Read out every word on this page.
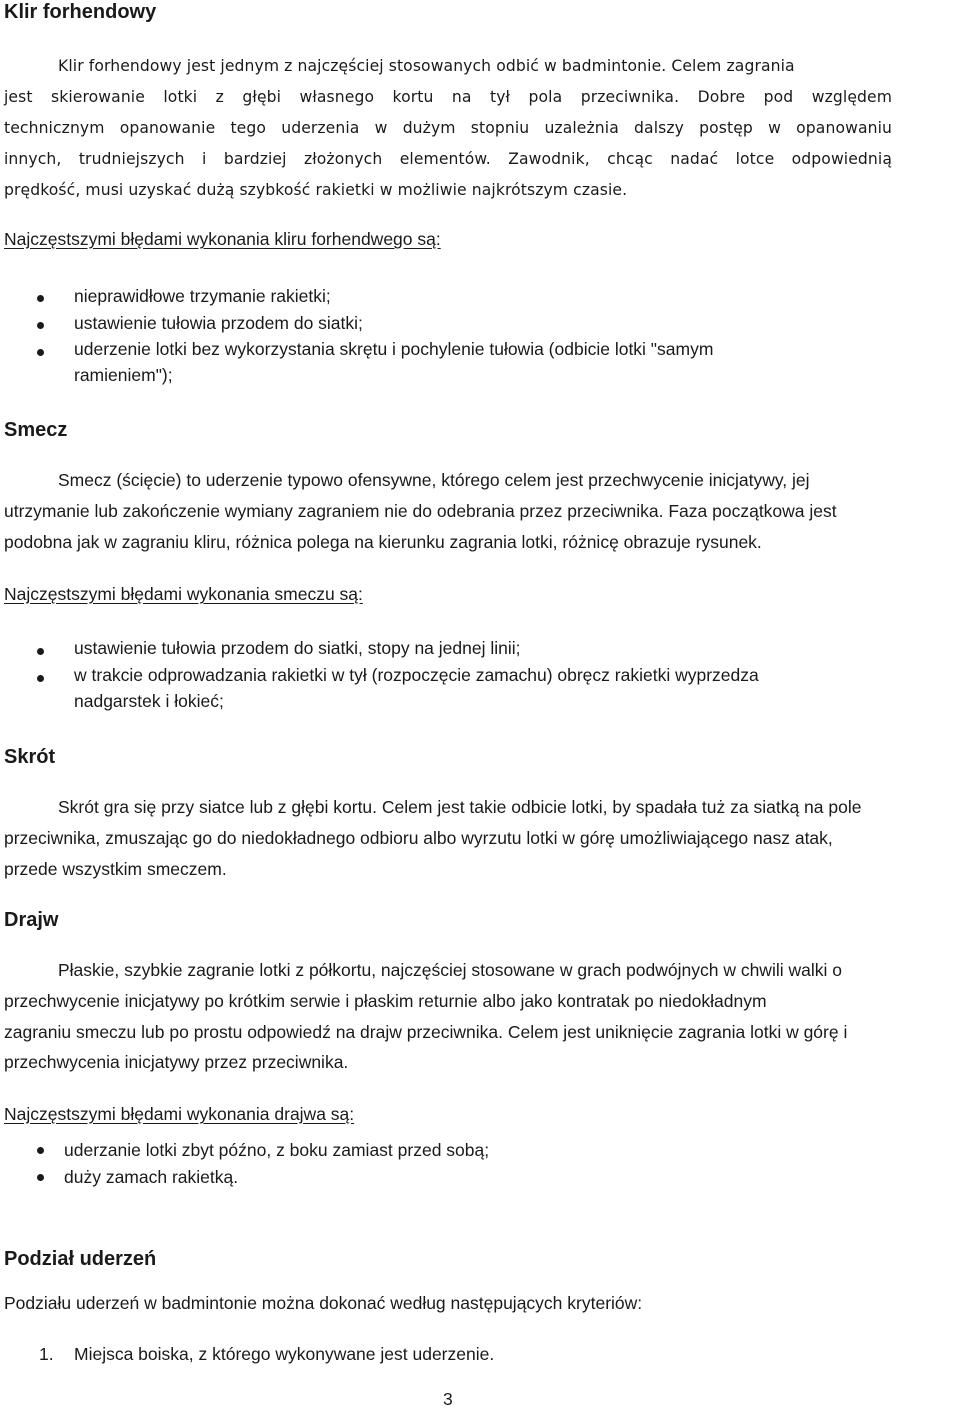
Klir forhendowy

Klir forhendowy jest jednym z najczęściej stosowanych odbić w badmintonie. Celem zagrania

jest skierowanie lotki z głębi własnego kortu na tył pola przeciwnika. Dobre pod względem

technicznym opanowanie tego uderzenia w dużym stopniu uzależnia dalszy postęp w opanowaniu

innych, trudniejszych i bardziej złożonych elementów. Zawodnik, chcąc nadać lotce odpowiednią

prędkość, musi uzyskać dużą szybkość rakietki w możliwie najkrótszym czasie.

Najczęstszymi błędami wykonania kliru forhendwego są:

nieprawidłowe trzymanie rakietki;

ustawienie tułowia przodem do siatki;

uderzenie lotki bez wykorzystania skrętu i pochylenie tułowia (odbicie lotki "samym

ramieniem");

Smecz

Smecz (ścięcie) to uderzenie typowo ofensywne, którego celem jest przechwycenie inicjatywy, jej

utrzymanie lub zakończenie wymiany zagraniem nie do odebrania przez przeciwnika. Faza początkowa jest

podobna jak w zagraniu kliru, różnica polega na kierunku zagrania lotki, różnicę obrazuje rysunek.

Najczęstszymi błędami wykonania smeczu są:

ustawienie tułowia przodem do siatki, stopy na jednej linii;

w trakcie odprowadzania rakietki w tył (rozpoczęcie zamachu) obręcz rakietki wyprzedza

nadgarstek i łokieć;

Skrót

Skrót gra się przy siatce lub z głębi kortu. Celem jest takie odbicie lotki, by spadała tuż za siatką na pole

przeciwnika, zmuszając go do niedokładnego odbioru albo wyrzutu lotki w górę umożliwiającego nasz atak,

przede wszystkim smeczem.

Drajw

Płaskie, szybkie zagranie lotki z półkortu, najczęściej stosowane w grach podwójnych w chwili walki o

przechwycenie inicjatywy po krótkim serwie i płaskim returnie albo jako kontratak po niedokładnym

zagraniu smeczu lub po prostu odpowiedź na drajw przeciwnika. Celem jest uniknięcie zagrania lotki w górę i

przechwycenia inicjatywy przez przeciwnika.

Najczęstszymi błędami wykonania drajwa są:

uderzanie lotki zbyt późno, z boku zamiast przed sobą;

duży zamach rakietką.

Podział uderzeń

Podziału uderzeń w badmintonie można dokonać według następujących kryteriów:

1. Miejsca boiska, z którego wykonywane jest uderzenie.

3
